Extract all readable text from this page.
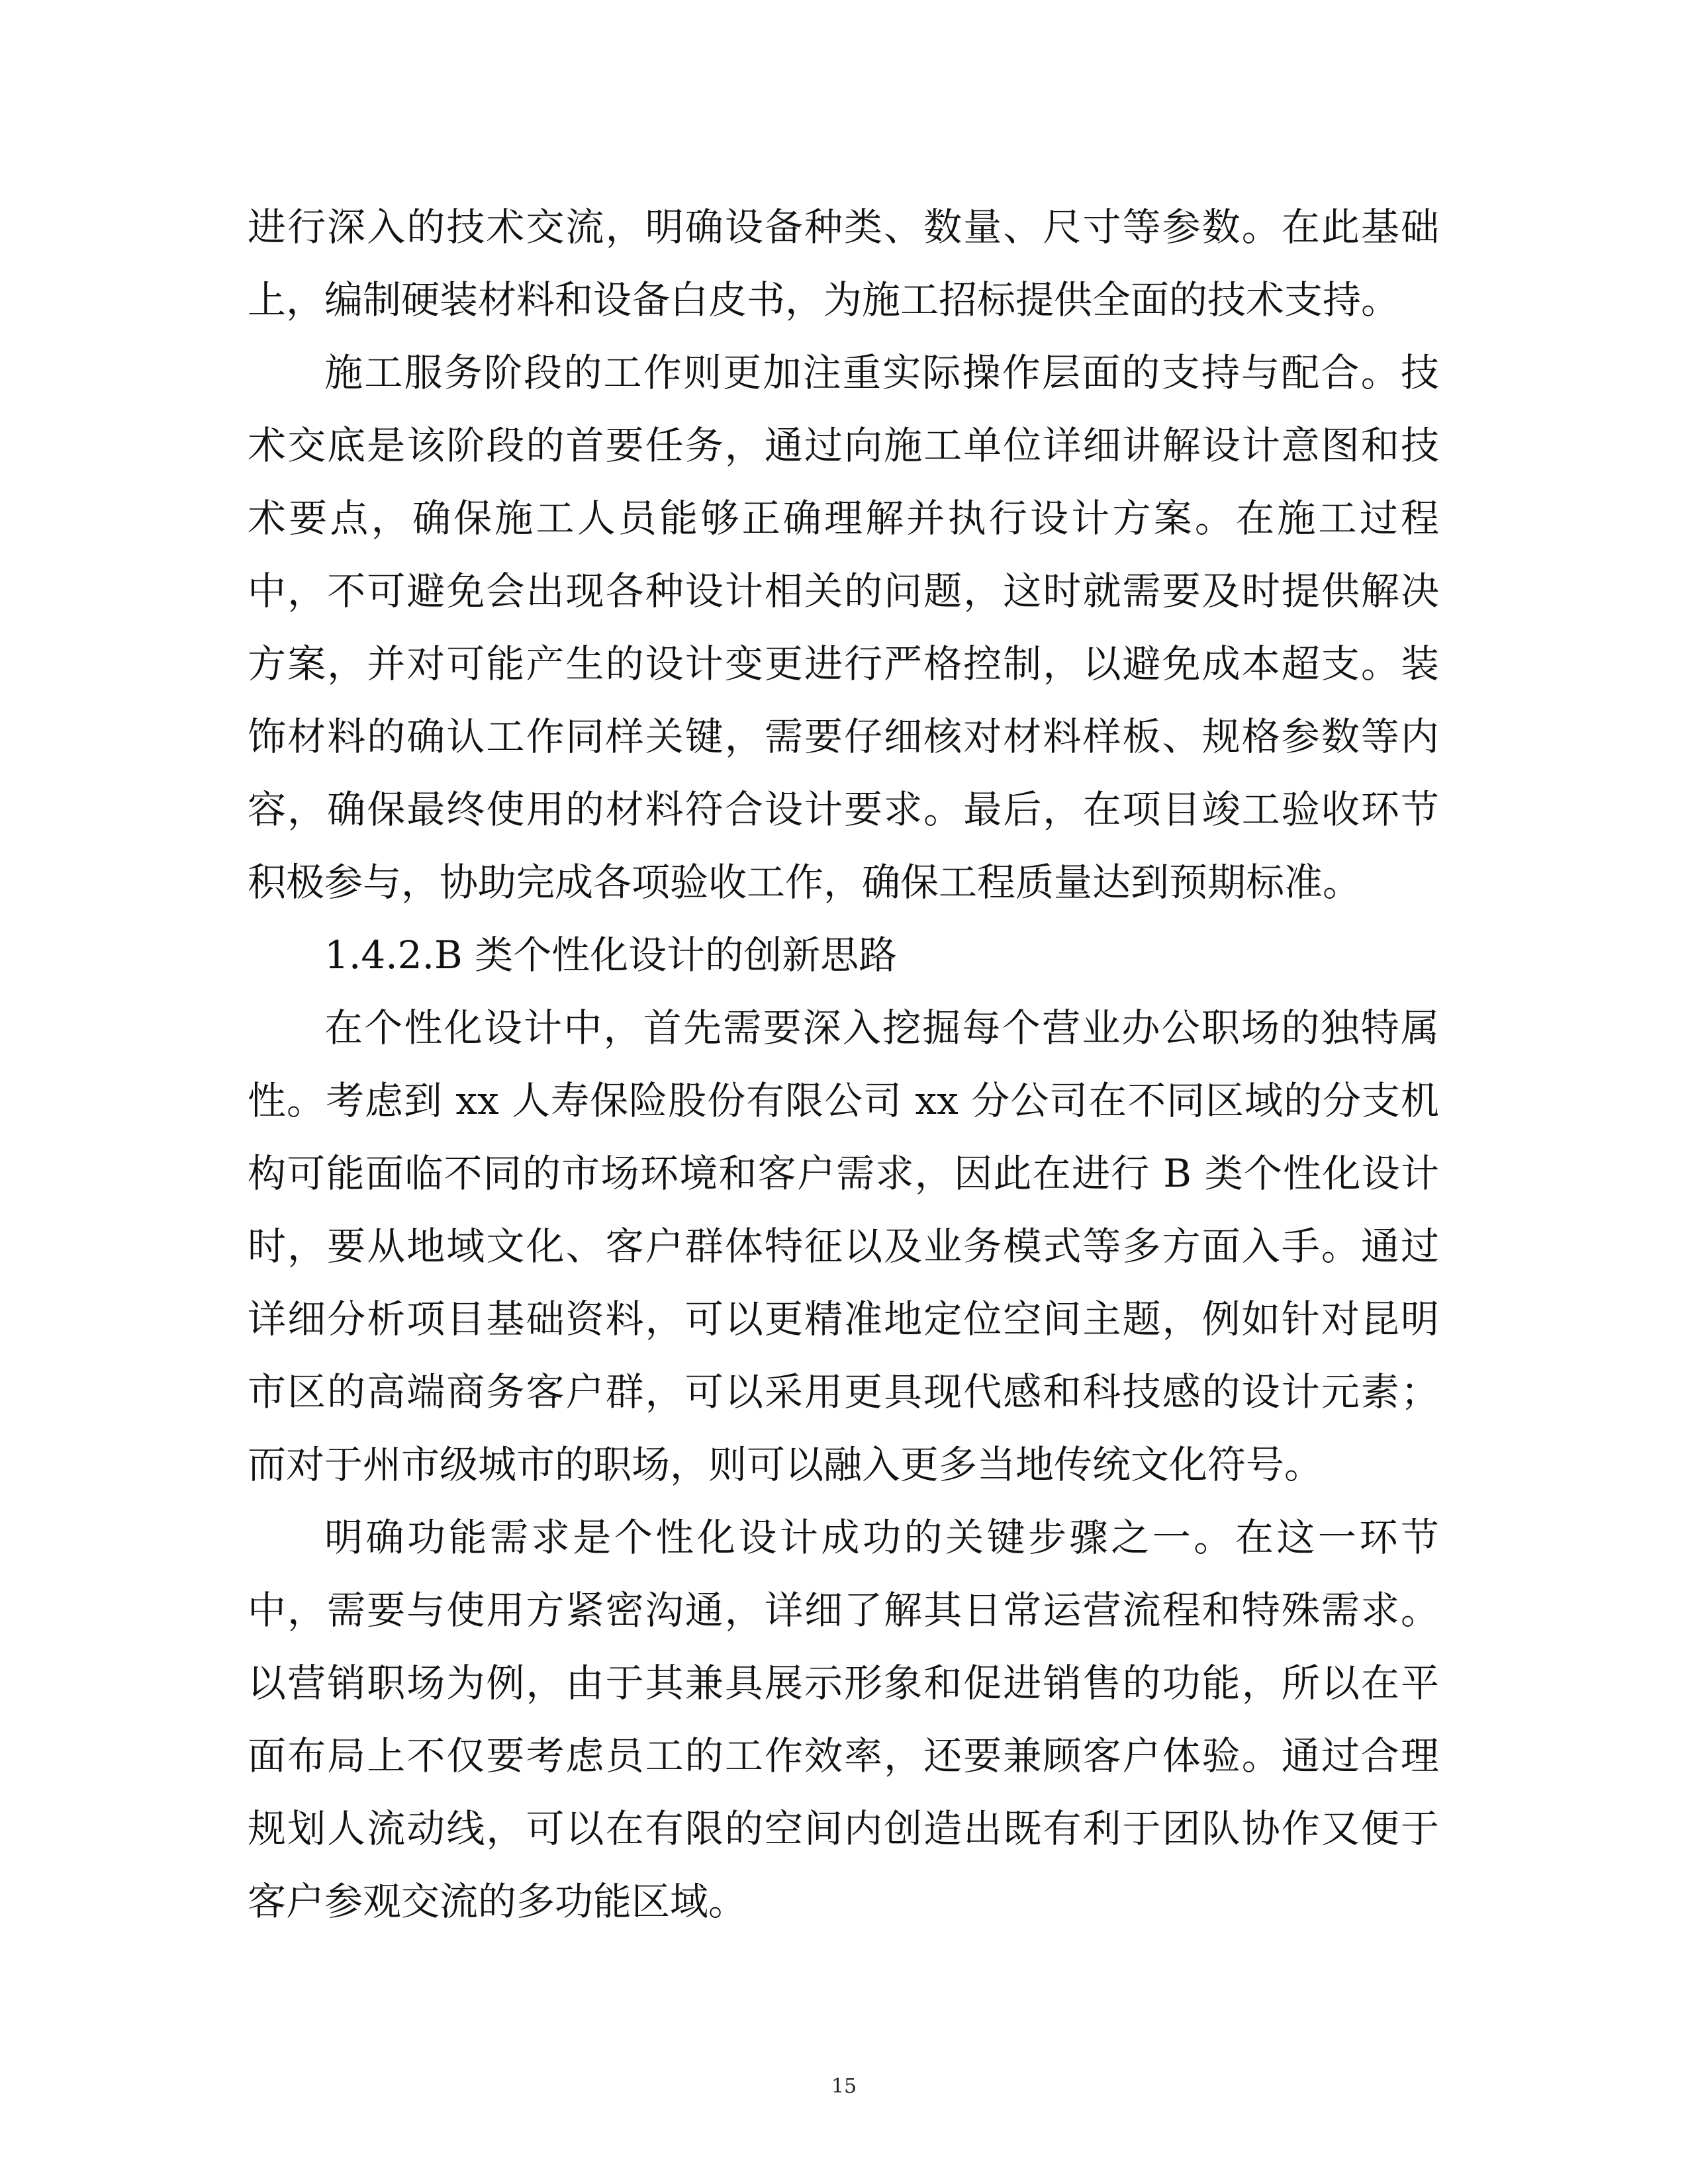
进行深入的技术交流，明确设备种类、数量、尺寸等参数。在此基础
上，编制硬装材料和设备白皮书，为施工招标提供全面的技术支持。
施工服务阶段的工作则更加注重实际操作层面的支持与配合。技
术交底是该阶段的首要任务，通过向施工单位详细讲解设计意图和技
术要点，确保施工人员能够正确理解并执行设计方案。在施工过程
中，不可避免会出现各种设计相关的问题，这时就需要及时提供解决
方案，并对可能产生的设计变更进行严格控制，以避免成本超支。装
饰材料的确认工作同样关键，需要仔细核对材料样板、规格参数等内
容，确保最终使用的材料符合设计要求。最后，在项目竣工验收环节
积极参与，协助完成各项验收工作，确保工程质量达到预期标准。
1.4.2.B 类个性化设计的创新思路
在个性化设计中，首先需要深入挖掘每个营业办公职场的独特属
性。考虑到 xx 人寿保险股份有限公司 xx 分公司在不同区域的分支机
构可能面临不同的市场环境和客户需求，因此在进行 B 类个性化设计
时，要从地域文化、客户群体特征以及业务模式等多方面入手。通过
详细分析项目基础资料，可以更精准地定位空间主题，例如针对昆明
市区的高端商务客户群，可以采用更具现代感和科技感的设计元素；
而对于州市级城市的职场，则可以融入更多当地传统文化符号。
明确功能需求是个性化设计成功的关键步骤之一。在这一环节
中，需要与使用方紧密沟通，详细了解其日常运营流程和特殊需求。
以营销职场为例，由于其兼具展示形象和促进销售的功能，所以在平
面布局上不仅要考虑员工的工作效率，还要兼顾客户体验。通过合理
规划人流动线，可以在有限的空间内创造出既有利于团队协作又便于
客户参观交流的多功能区域。
15
